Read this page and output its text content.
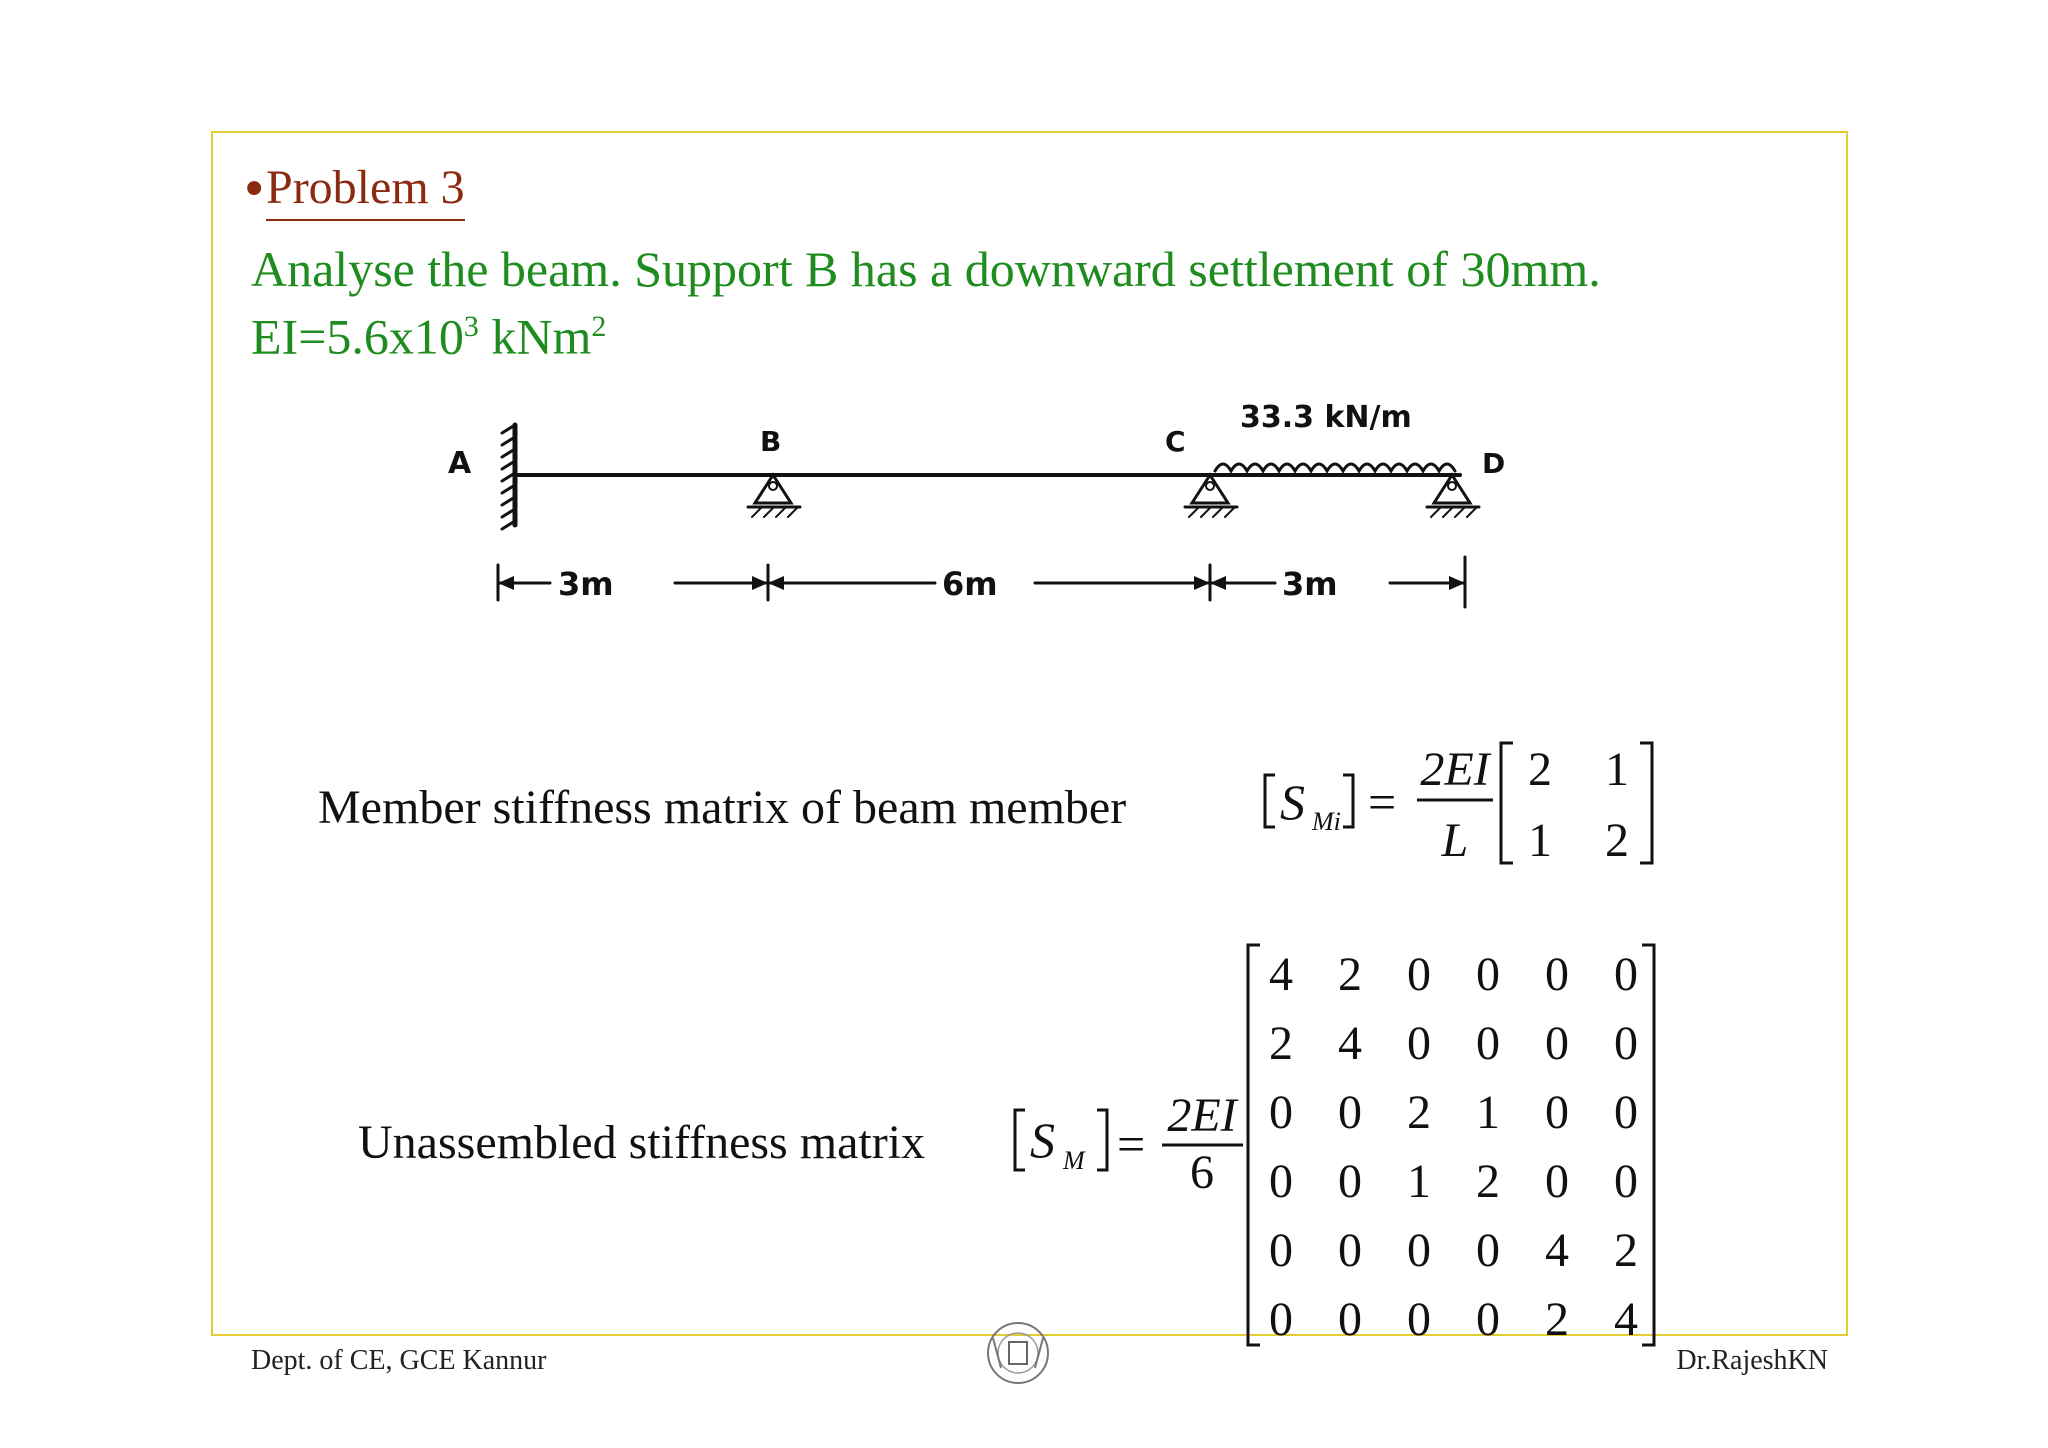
•
Problem 3
Analyse the beam. Support B has a downward settlement of 30mm.
$EI=5.6x10^3$ kNm$^2$
A
B	C
D
33.3 kN/m
3m	6m	3m
Member stiffness matrix of beam member	S Mi =
2EI
L
2 1
1 2
Unassembled stiffness matrix S M =
2EI
6
4 2 0 0 0 0
2 4 0 0 0 0
0 0 2 1 0 0
0 0 1 2 0 0
0 0 0 0 4 2
0 0 0 0 2 4
Dept. of CE, GCE Kannur	Dr.RajeshKN
